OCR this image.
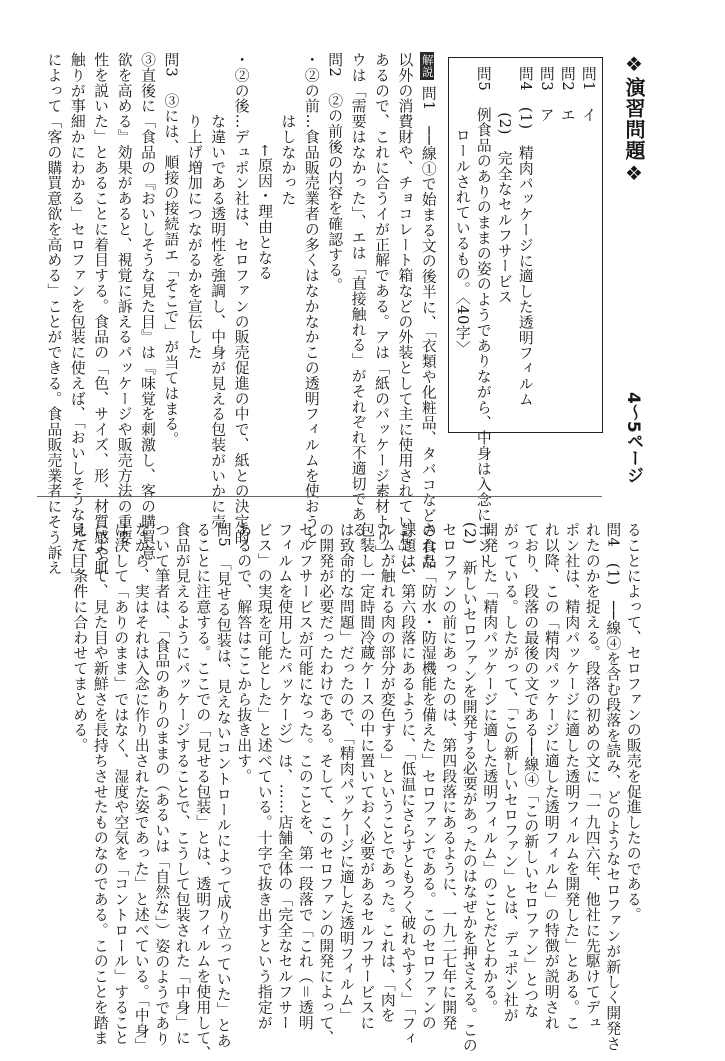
❖演習問題❖
4〜5ページ
問1　イ
問2　エ
問3　ア
問4　(1)　精肉パッケージに適した透明フィルム
　　　(2)　完全なセルフサービス
問5　例食品のありのままの姿のようでありながら、中身は入念にコント
　　　　ロールされているもの。〈40字〉
解説 問1　──線①で始まる文の後半に、「衣類や化粧品、タバコなどの食品
以外の消費財や、チョコレート箱などの外装として主に使用されていた」と
あるので、これに合うイが正解である。アは「紙のパッケージ素材より」、
ウは「需要はなかった」、エは「直接触れる」がそれぞれ不適切である。
問2　②の前後の内容を確認する。
・②の前…食品販売業者の多くはなかなかこの透明フィルムを使おうと
　　　　はしなかった
　　　　　　←原因・理由となる
・②の後…デュポン社は、セロファンの販売促進の中で、紙との決定的
　　　　な違いである透明性を強調し、中身が見える包装がいかに売
　　　　り上げ増加につながるかを宣伝した
問3　③には、順接の接続語エ「そこで」が当てはまる。
③直後に「食品の『おいしそうな見た目』は『味覚を刺激し、客の購買意
欲を高める』効果があると、視覚に訴えるパッケージや販売方法の重要
性を説いた」とあることに着目する。食品の「色、サイズ、形、材質感や肌
触りが事細かにわかる」セロファンを包装に使えば、「おいしそうな見た目」
によって「客の購買意欲を高める」ことができる。食品販売業者にそう訴え
ることによって、セロファンの販売を促進したのである。
問4　(1)　──線④を含む段落を読み、どのようなセロファンが新しく開発さ
れたのかを捉える。段落の初めの文に「一九四六年、他社に先駆けてデュ
ポン社は、精肉パッケージに適した透明フィルムを開発した」とある。こ
れ以降、この「精肉パッケージに適した透明フィルム」の特徴が説明され
ており、段落の最後の文である──線④「この新しいセロファン」とつな
がっている。したがって、「この新しいセロファン」とは、デュポン社が
開発した「精肉パッケージに適した透明フィルム」のことだとわかる。
(2)　新しいセロファンを開発する必要があったのはなぜかを押さえる。この
セロファンの前にあったのは、第四段落にあるように、一九二七年に開発
された「防水・防湿機能を備えた」セロファンである。このセロファンの
課題は、第六段落にあるように、「低温にさらすともろく破れやすく」「フィ
ルムが触れる肉の部分が変色する」ということであった。これは、「肉を
包装し一定時間冷蔵ケースの中に置いておく必要があるセルフサービスに
は致命的な問題」だったので、「精肉パッケージに適した透明フィルム」
の開発が必要だったわけである。そして、このセロファンの開発によって、
セルフサービスが可能になった。このことを、第一段落で「これ（＝透明
フィルムを使用したパッケージ）は、……店舗全体の「完全なセルフサー
ビス」の実現を可能とした」と述べている。十字で抜き出すという指定が
あるので、解答はここから抜き出す。
問5　「見せる包装は、見えないコントロールによって成り立っていた」とあ
ることに注意する。ここでの「見せる包装」とは、透明フィルムを使用して、
食品が見えるようにパッケージすることで、こうして包装された「中身」に
ついて筆者は、「食品のありのままの（あるいは「自然な」）姿のようであり
ながら、実はそれは入念に作り出された姿であった」と述べている。「中身」
は決して「ありのまま」ではなく、湿度や空気を「コントロール」すること
によって、見た目や新鮮さを長持ちさせたものなのである。このことを踏ま
えて、条件に合わせてまとめる。
